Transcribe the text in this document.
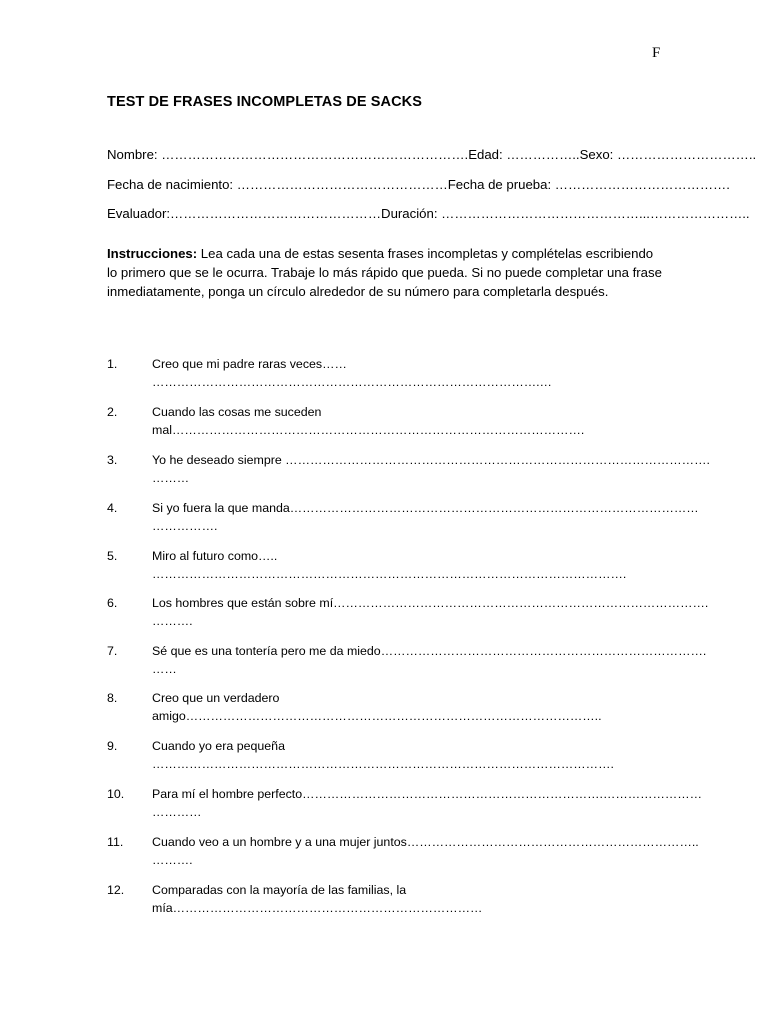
F
TEST DE FRASES INCOMPLETAS DE SACKS
Nombre: …………………………………………………………….Edad: ……………..Sexo: …………………………..
Fecha de nacimiento: …………………………………………Fecha de prueba: ………………………………….
Evaluador:…………………………………………Duración: ………………………………………...…………………..
Instrucciones: Lea cada una de estas sesenta frases incompletas y complételas escribiendo lo primero que se le ocurra. Trabaje lo más rápido que pueda. Si no puede completar una frase inmediatamente, ponga un círculo alrededor de su número para completarla después.
1.	Creo que mi padre raras veces……
………………………………………………………………………………….…
2.	Cuando las cosas me suceden
mal……………………………………………………………………………………….
3.	Yo he deseado siempre ………………………………………………………………………………………….
………
4.	Si yo fuera la que manda………………………………………………………………………………………
…………….
5.	Miro al futuro como…..
…………………………………………………………………………………………………….
6.	Los hombres que están sobre mí……………………………………………………………………………….
……….
7.	Sé que es una tontería pero me da miedo…………………………………………………………………….
……
8.	Creo que un verdadero
amigo………………………………………………………………………………………..
9.	Cuando yo era pequeña
………………………………………………………………………………………………….
10. Para mí el hombre perfecto……………………………………………………………….……………………
…………
11. Cuando veo a un hombre y a una mujer juntos……………………………………………………………..
……….
12. Comparadas con la mayoría de las familias, la
mía…………………………………………………………………
